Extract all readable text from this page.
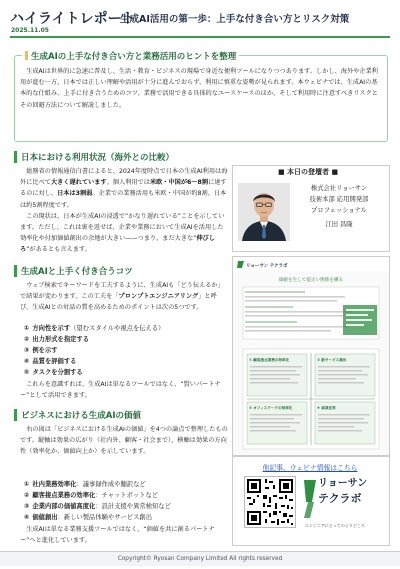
ハイライトレポート
生成AI活用の第一歩：上手な付き合い方とリスク対策
2025.11.05
生成AIの上手な付き合い方と業務活用のヒントを整理
　生成AIは世界的に急速に普及し、生活・教育・ビジネスの現場で身近な便利ツールになりつつあります。しかし、海外や企業利用が進む一方、日本では正しい理解や活用が十分に進んでおらず、利用に慎重な姿勢が見られます。本ウェビナでは、生成AIの基本的な仕組み、上手に付き合うためのコツ、業務で活用できる具体的なユースケースのほか、そして利用時に注意すべきリスクとその回避方法について解説しました。
日本における利用状況（海外との比較）
　総務省の情報通信白書によると、2024年度時点で日本の生成AI利用は海外に比べて大きく遅れています。個人利用では米欧・中国が6～8割に達するのに対し、日本は3割弱。企業での業務活用も米欧・中国が約8割、日本は約5割程度です。
　この現状は、日本が生成AIの浸透で“かなり遅れている”ことを示しています。ただし、これは裏を返せば、企業や業務において生成AIを活用した効率化や付加価値創出の余地が大きい——つまり、まだ大きな“伸びしろ”があるとも言えます。
生成AIと上手く付き合うコツ
　ウェブ検索でキーワードを工夫するように、生成AIも「どう伝えるか」で結果が変わります。この工夫を「プロンプトエンジニアリング」と呼び、生成AIとの対話の質を高めるためのポイントは次の5つです。
① 方向性を示す（望むスタイルや視点を伝える）
② 出力形式を指定する
③ 例を示す
④ 品質を評価する
⑤ タスクを分割する
　これらを意識すれば、生成AIは単なるツールではなく、“賢いパートナー”として活用できます。
ビジネスにおける生成AIの価値
　右の図は「ビジネスにおける生成AIの価値」を4つの論点で整理したものです。縦軸は効果の広がり（社内外、顧客・社会まで）、横軸は効果の方向性（効率化か、価値向上か）を示しています。
① 社内業務効率化：議事録作成や翻訳など
② 顧客接点業務の効率化：チャットボットなど
③ 企業内部の価値高度化：設計支援や異常検知など
④ 価値創出：新しい製品体験やサービス創出
　生成AIは単なる業務支援ツールではなく、“価値を共に創るパートナー”へと進化しています。
■ 本日の登壇者 ■
株式会社リョーサン
技術本部 応用開発部
プロフェッショナル
江田 昌隆
リョーサン テクラボ
価値を生して提正い関係を構る
① 顧客接点業務の効率化	② 新サービス創出
③ オフィスワークの効率化	④ 事業変革
他記事、ウェビナ情報はこちら
リョーサン
テクラボ
エンジニアにとってのよりどころ
Copyright© Ryosan Company Limited All rights reserved
